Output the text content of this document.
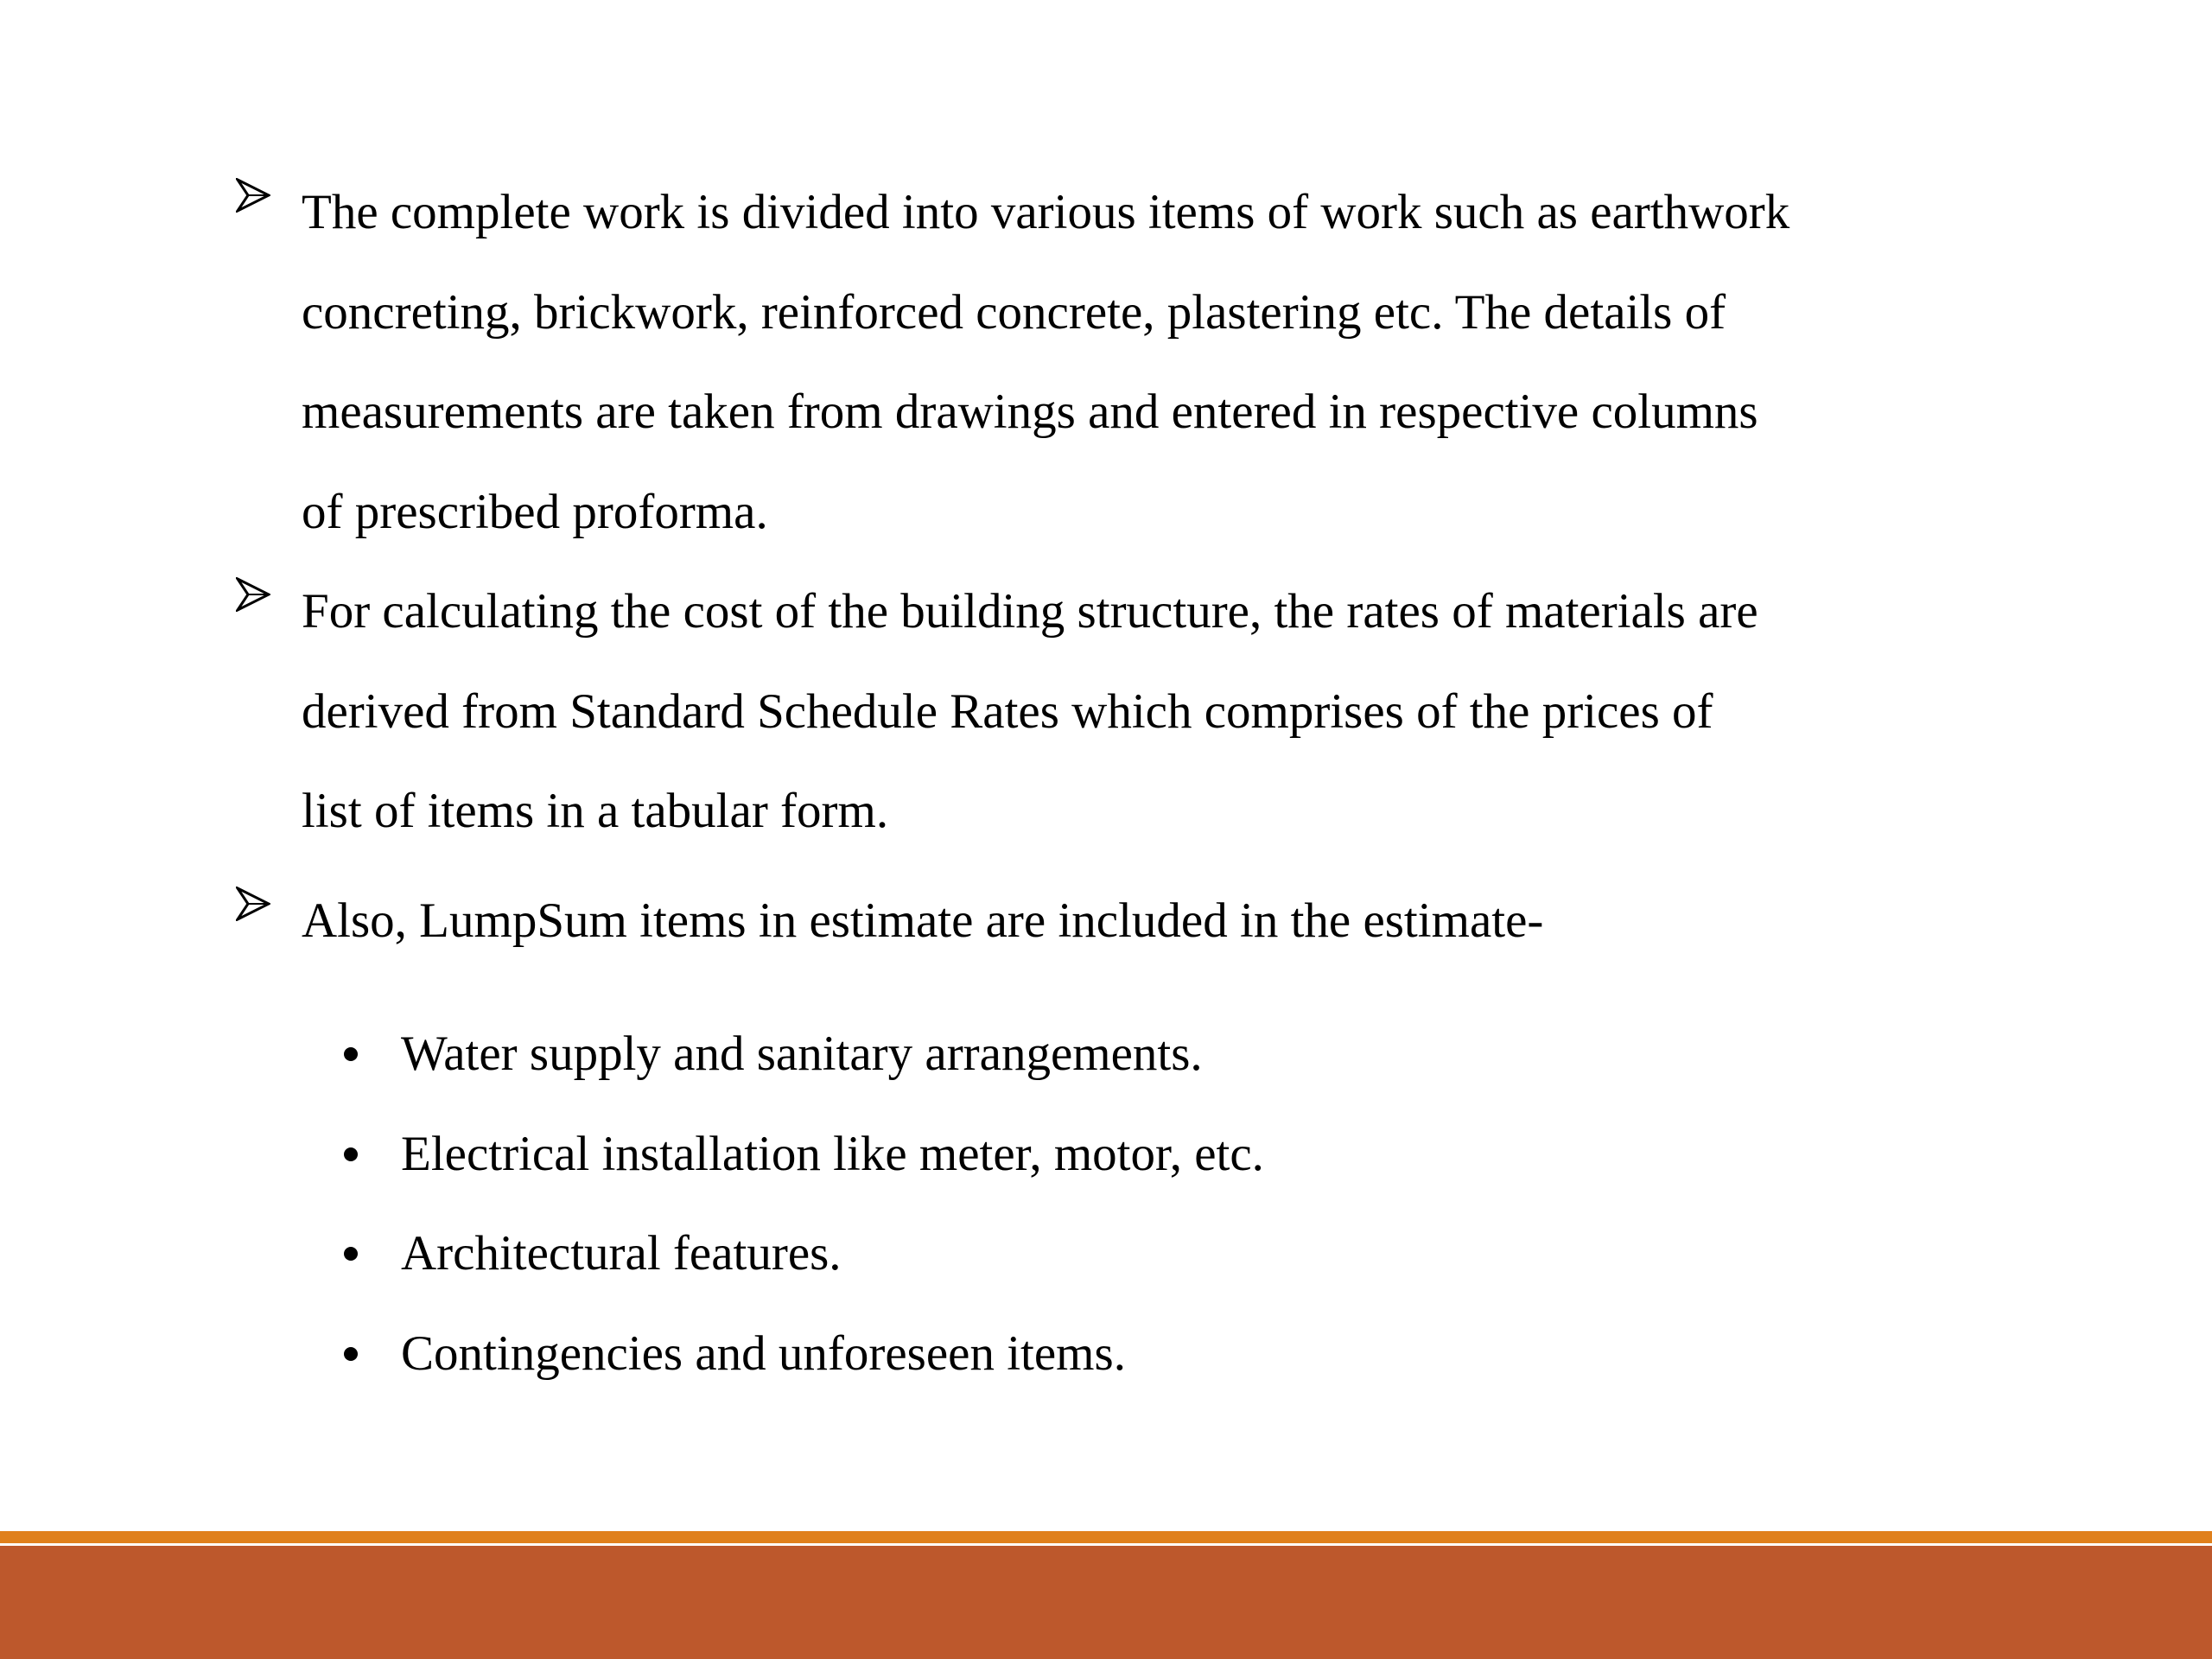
The complete work is divided into various items of work such as earthwork
concreting, brickwork, reinforced concrete, plastering etc. The details of
measurements are taken from drawings and entered in respective columns
of prescribed proforma.
For calculating the cost of the building structure, the rates of materials are
derived from Standard Schedule Rates which comprises of the prices of
list of items in a tabular form.
Also, LumpSum items in estimate are included in the estimate-
Water supply and sanitary arrangements.
Electrical installation like meter, motor, etc.
Architectural features.
Contingencies and unforeseen items.
